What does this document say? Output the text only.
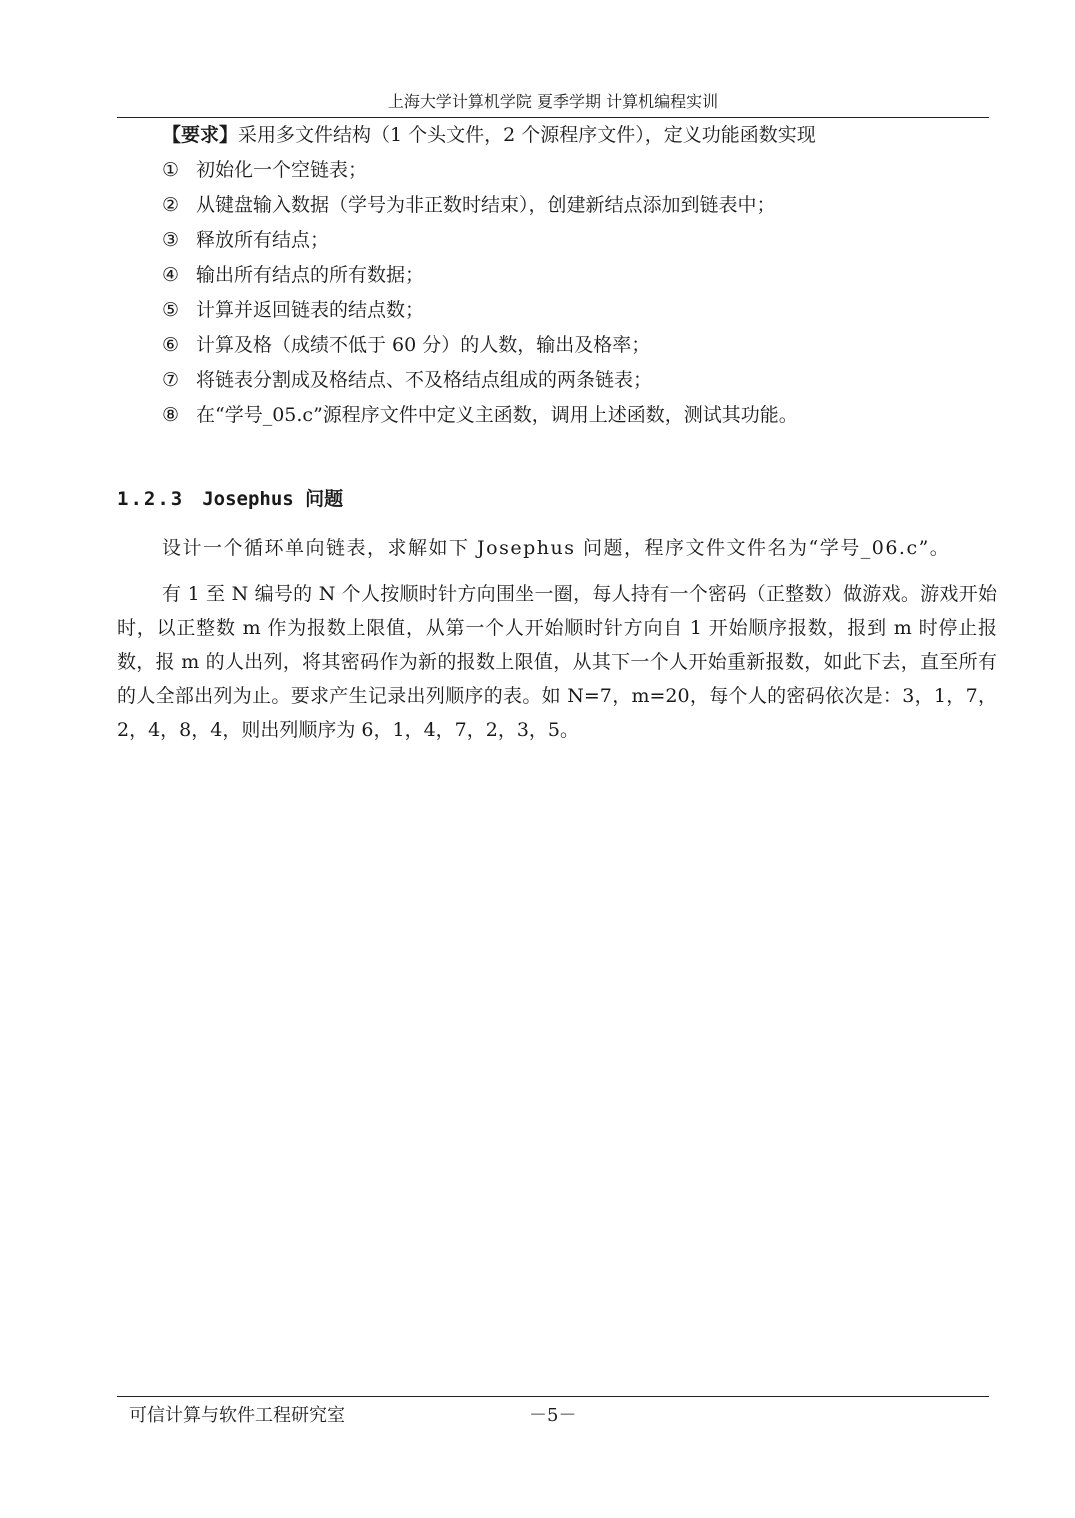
上海大学计算机学院 夏季学期 计算机编程实训
【要求】采用多文件结构（1 个头文件，2 个源程序文件），定义功能函数实现
① 初始化一个空链表；
② 从键盘输入数据（学号为非正数时结束），创建新结点添加到链表中；
③ 释放所有结点；
④ 输出所有结点的所有数据；
⑤ 计算并返回链表的结点数；
⑥ 计算及格（成绩不低于 60 分）的人数，输出及格率；
⑦ 将链表分割成及格结点、不及格结点组成的两条链表；
⑧ 在“学号_05.c”源程序文件中定义主函数，调用上述函数，测试其功能。
1.2.3 Josephus 问题
设计一个循环单向链表，求解如下 Josephus 问题，程序文件文件名为“学号_06.c”。
有 1 至 N 编号的 N 个人按顺时针方向围坐一圈，每人持有一个密码（正整数）做游戏。游戏开始时，以正整数 m 作为报数上限值，从第一个人开始顺时针方向自 1 开始顺序报数，报到 m 时停止报数，报 m 的人出列，将其密码作为新的报数上限值，从其下一个人开始重新报数，如此下去，直至所有的人全部出列为止。要求产生记录出列顺序的表。如 N=7，m=20，每个人的密码依次是：3，1，7，2，4，8，4，则出列顺序为 6，1，4，7，2，3，5。
可信计算与软件工程研究室	－5－
